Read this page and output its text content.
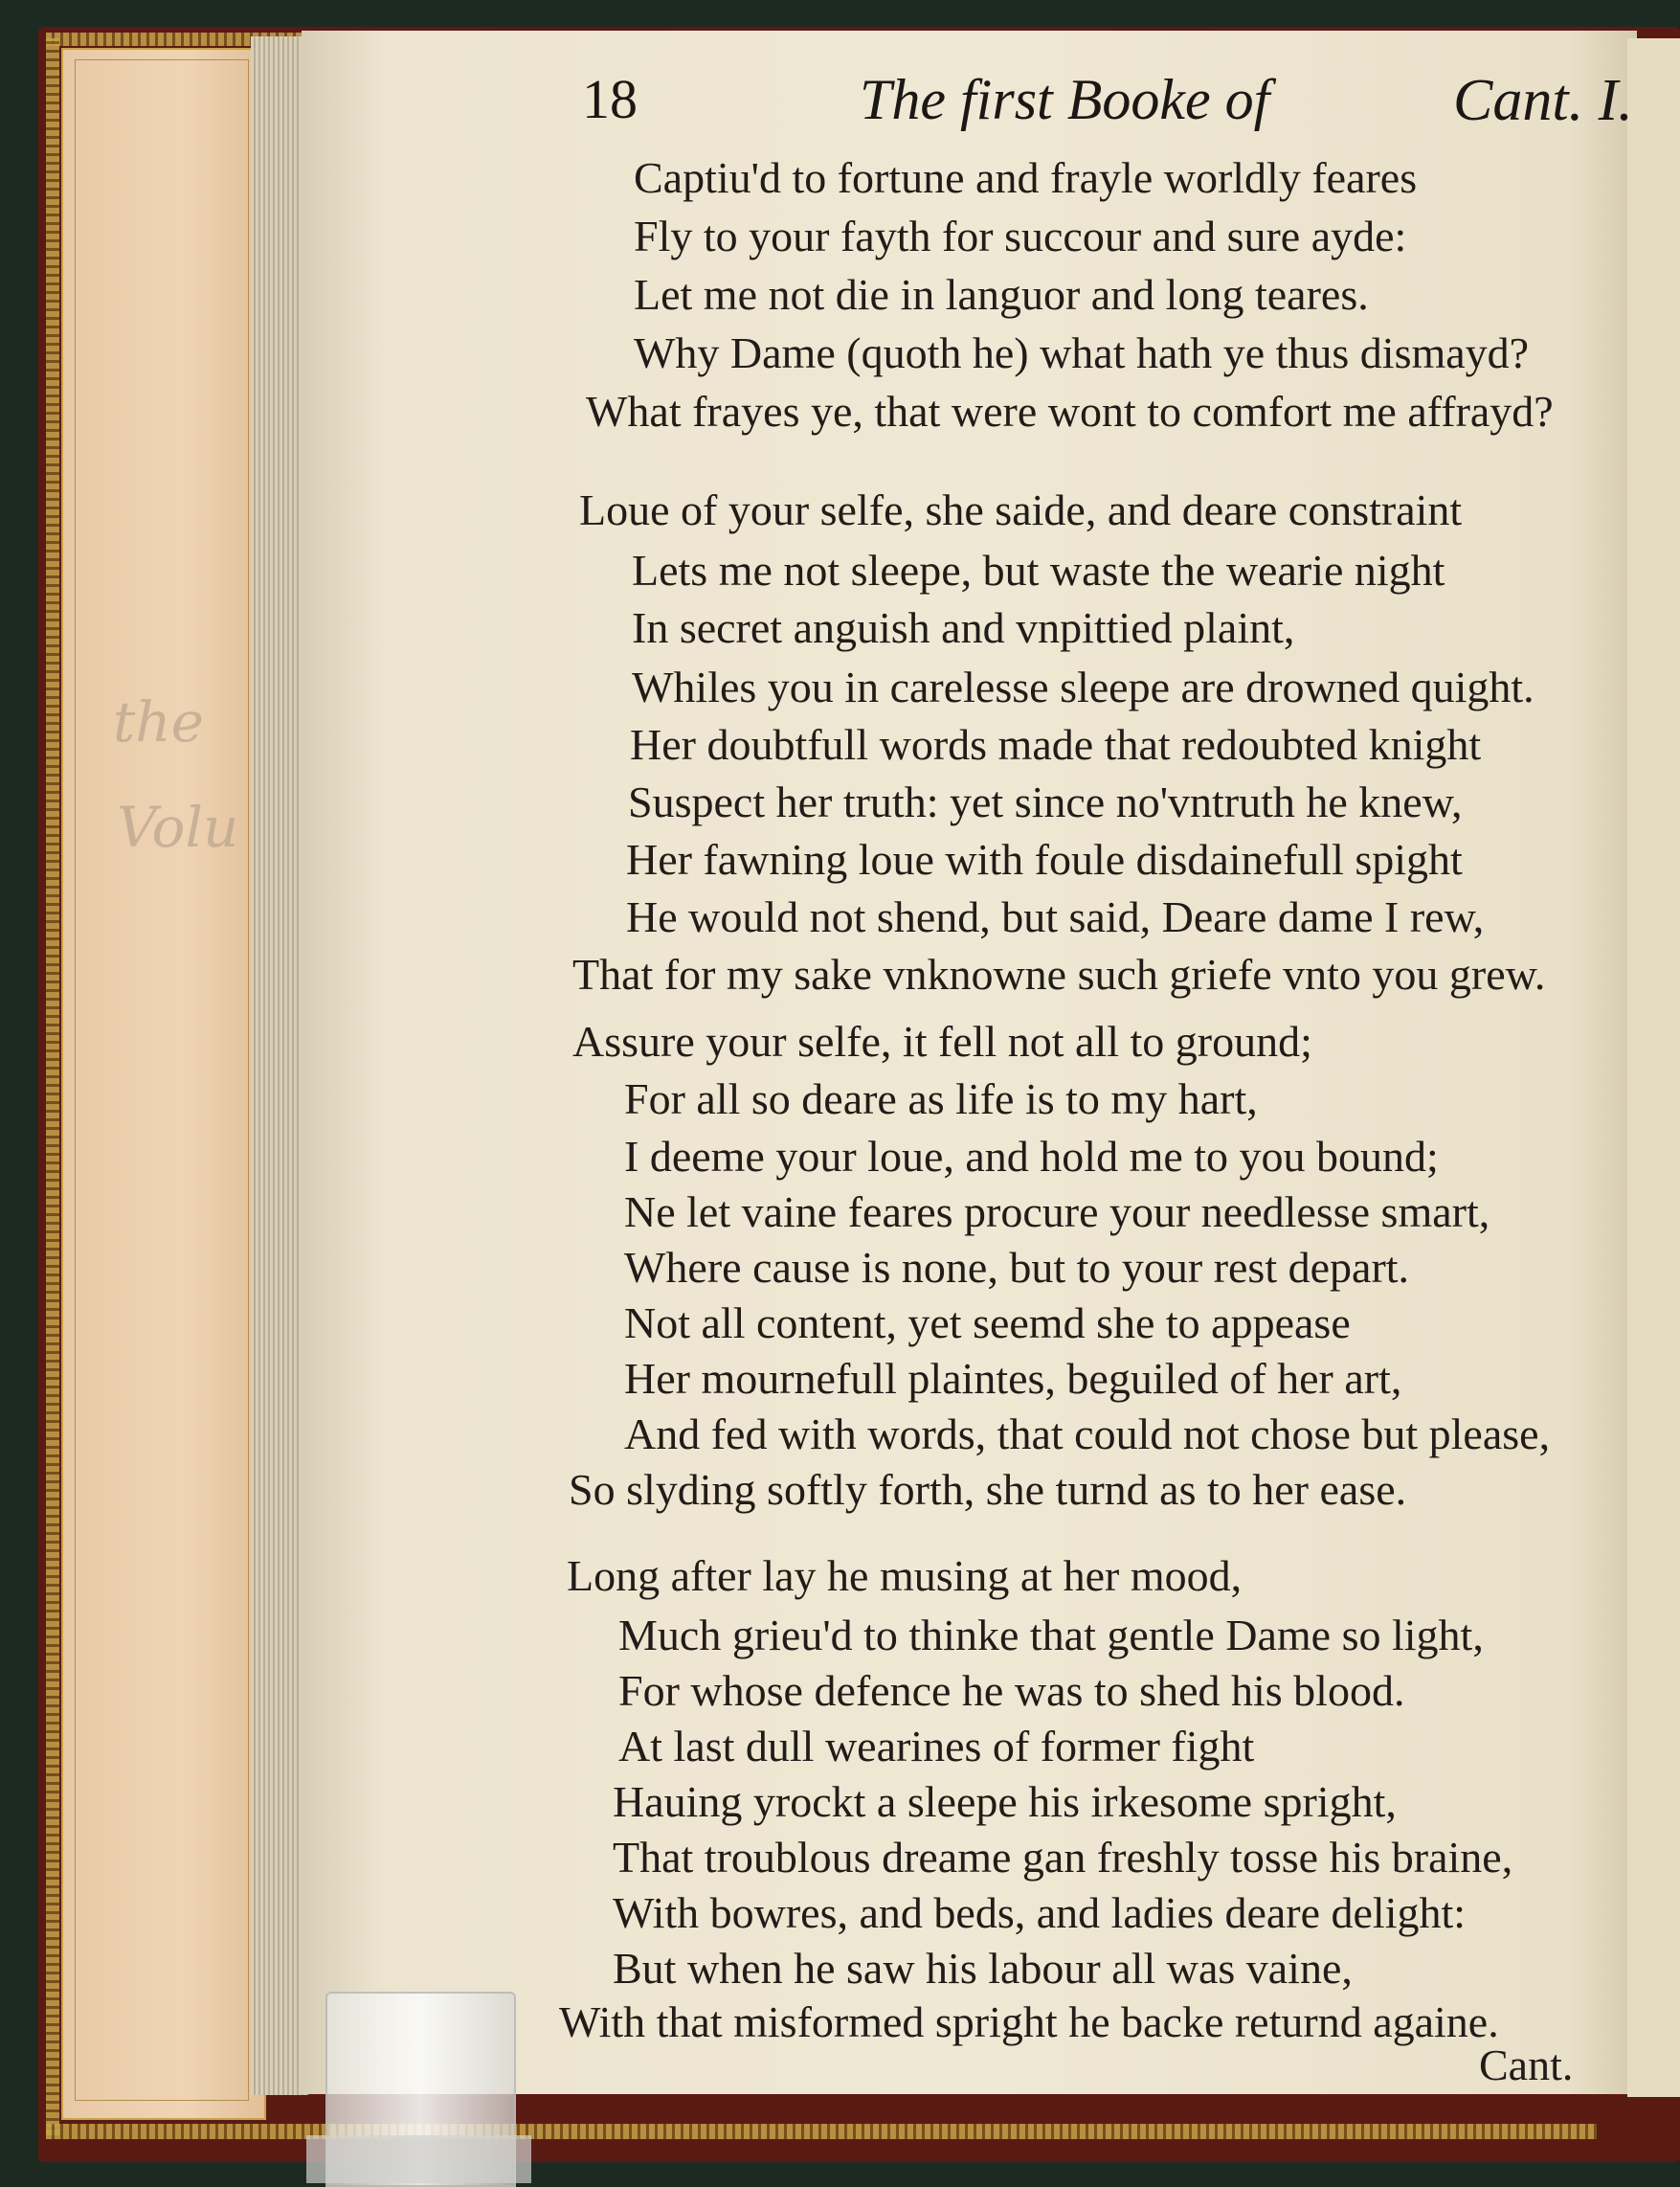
the
Volu
18	The first Booke of	Cant. I.
Captiu'd to fortune and frayle worldly feares
Fly to your fayth for succour and sure ayde:
Let me not die in languor and long teares.
Why Dame (quoth he) what hath ye thus dismayd?
What frayes ye, that were wont to comfort me affrayd?
Loue of your selfe, she saide, and deare constraint
Lets me not sleepe, but waste the wearie night
In secret anguish and vnpittied plaint,
Whiles you in carelesse sleepe are drowned quight.
Her doubtfull words made that redoubted knight
Suspect her truth: yet since no'vntruth he knew,
Her fawning loue with foule disdainefull spight
He would not shend, but said, Deare dame I rew,
That for my sake vnknowne such griefe vnto you grew.
Assure your selfe, it fell not all to ground;
For all so deare as life is to my hart,
I deeme your loue, and hold me to you bound;
Ne let vaine feares procure your needlesse smart,
Where cause is none, but to your rest depart.
Not all content, yet seemd she to appease
Her mournefull plaintes, beguiled of her art,
And fed with words, that could not chose but please,
So slyding softly forth, she turnd as to her ease.
Long after lay he musing at her mood,
Much grieu'd to thinke that gentle Dame so light,
For whose defence he was to shed his blood.
At last dull wearines of former fight
Hauing yrockt a sleepe his irkesome spright,
That troublous dreame gan freshly tosse his braine,
With bowres, and beds, and ladies deare delight:
But when he saw his labour all was vaine,
With that misformed spright he backe returnd againe.
Cant.
